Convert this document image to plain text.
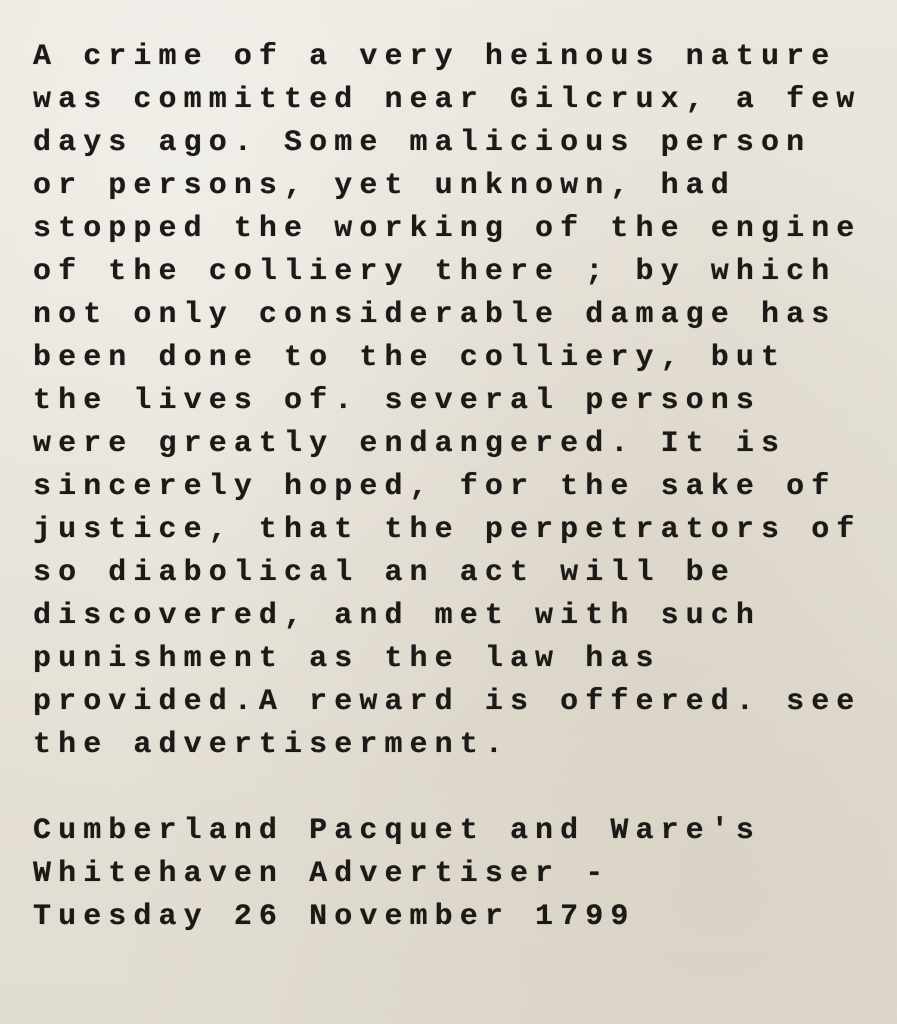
A crime of a very heinous nature
was committed near Gilcrux, a few
days ago. Some malicious person
or persons, yet unknown, had
stopped the working of the engine
of the colliery there ; by which
not only considerable damage has
been done to the colliery, but
the lives of. several persons
were greatly endangered. It is
sincerely hoped, for the sake of
justice, that the perpetrators of
so diabolical an act will be
discovered, and met with such
punishment as the law has
provided.A reward is offered. see
the advertiserment.
Cumberland Pacquet and Ware's
Whitehaven Advertiser -
Tuesday 26 November 1799
